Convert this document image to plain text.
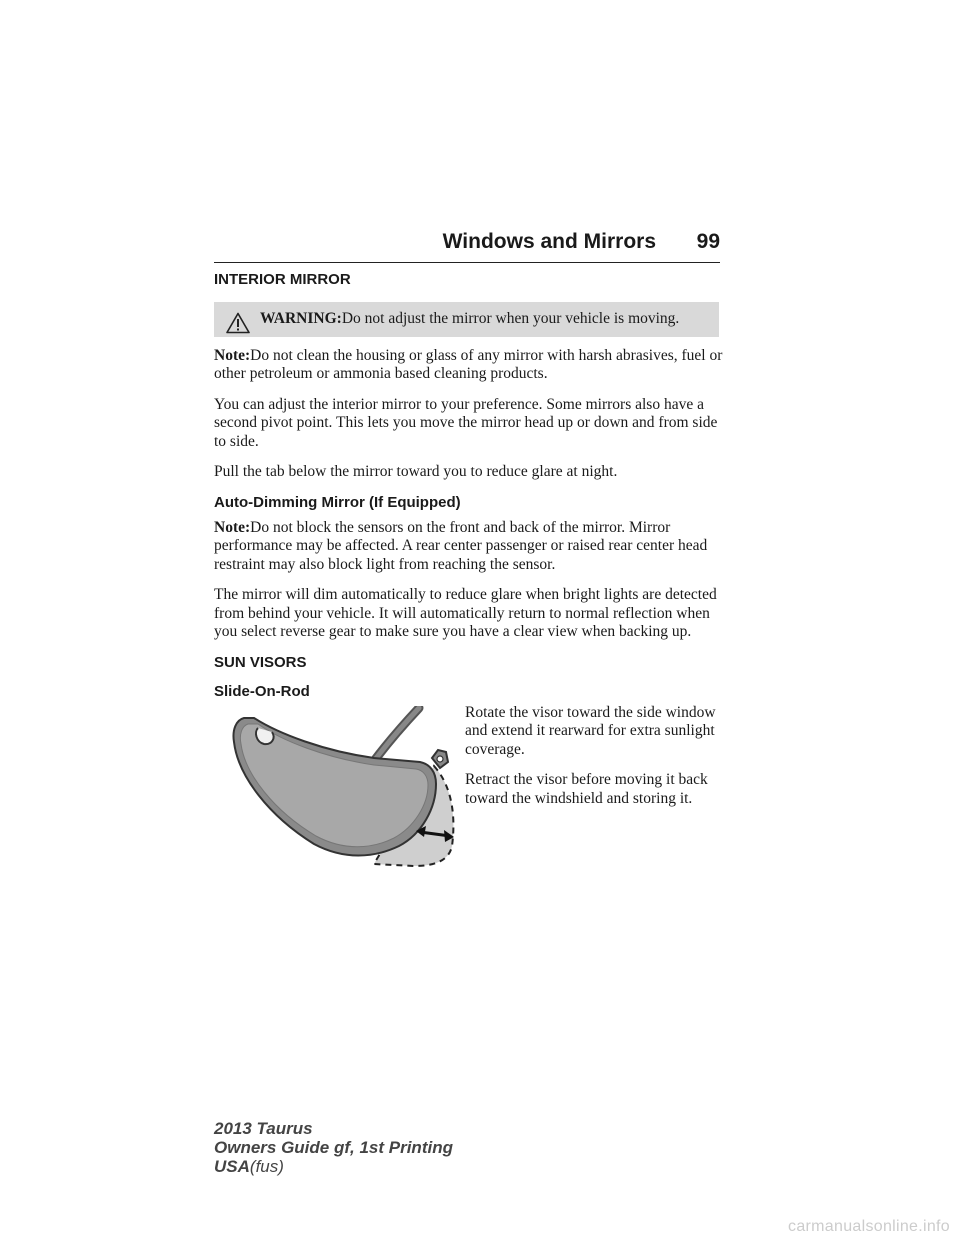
Windows and Mirrors 99
INTERIOR MIRROR

WARNING:Do not adjust the mirror when your vehicle is moving.

Note:Do not clean the housing or glass of any mirror with harsh abrasives, fuel or other petroleum or ammonia based cleaning products.

You can adjust the interior mirror to your preference. Some mirrors also have a second pivot point. This lets you move the mirror head up or down and from side to side.

Pull the tab below the mirror toward you to reduce glare at night.

Auto-Dimming Mirror (If Equipped)

Note:Do not block the sensors on the front and back of the mirror. Mirror performance may be affected. A rear center passenger or raised rear center head restraint may also block light from reaching the sensor.

The mirror will dim automatically to reduce glare when bright lights are detected from behind your vehicle. It will automatically return to normal reflection when you select reverse gear to make sure you have a clear view when backing up.

SUN VISORS
Slide-On-Rod

Rotate the visor toward the side window and extend it rearward for extra sunlight coverage.

Retract the visor before moving it back toward the windshield and storing it.

2013 Taurus
Owners Guide gf, 1st Printing
USA(fus)
carmanualsonline.info
